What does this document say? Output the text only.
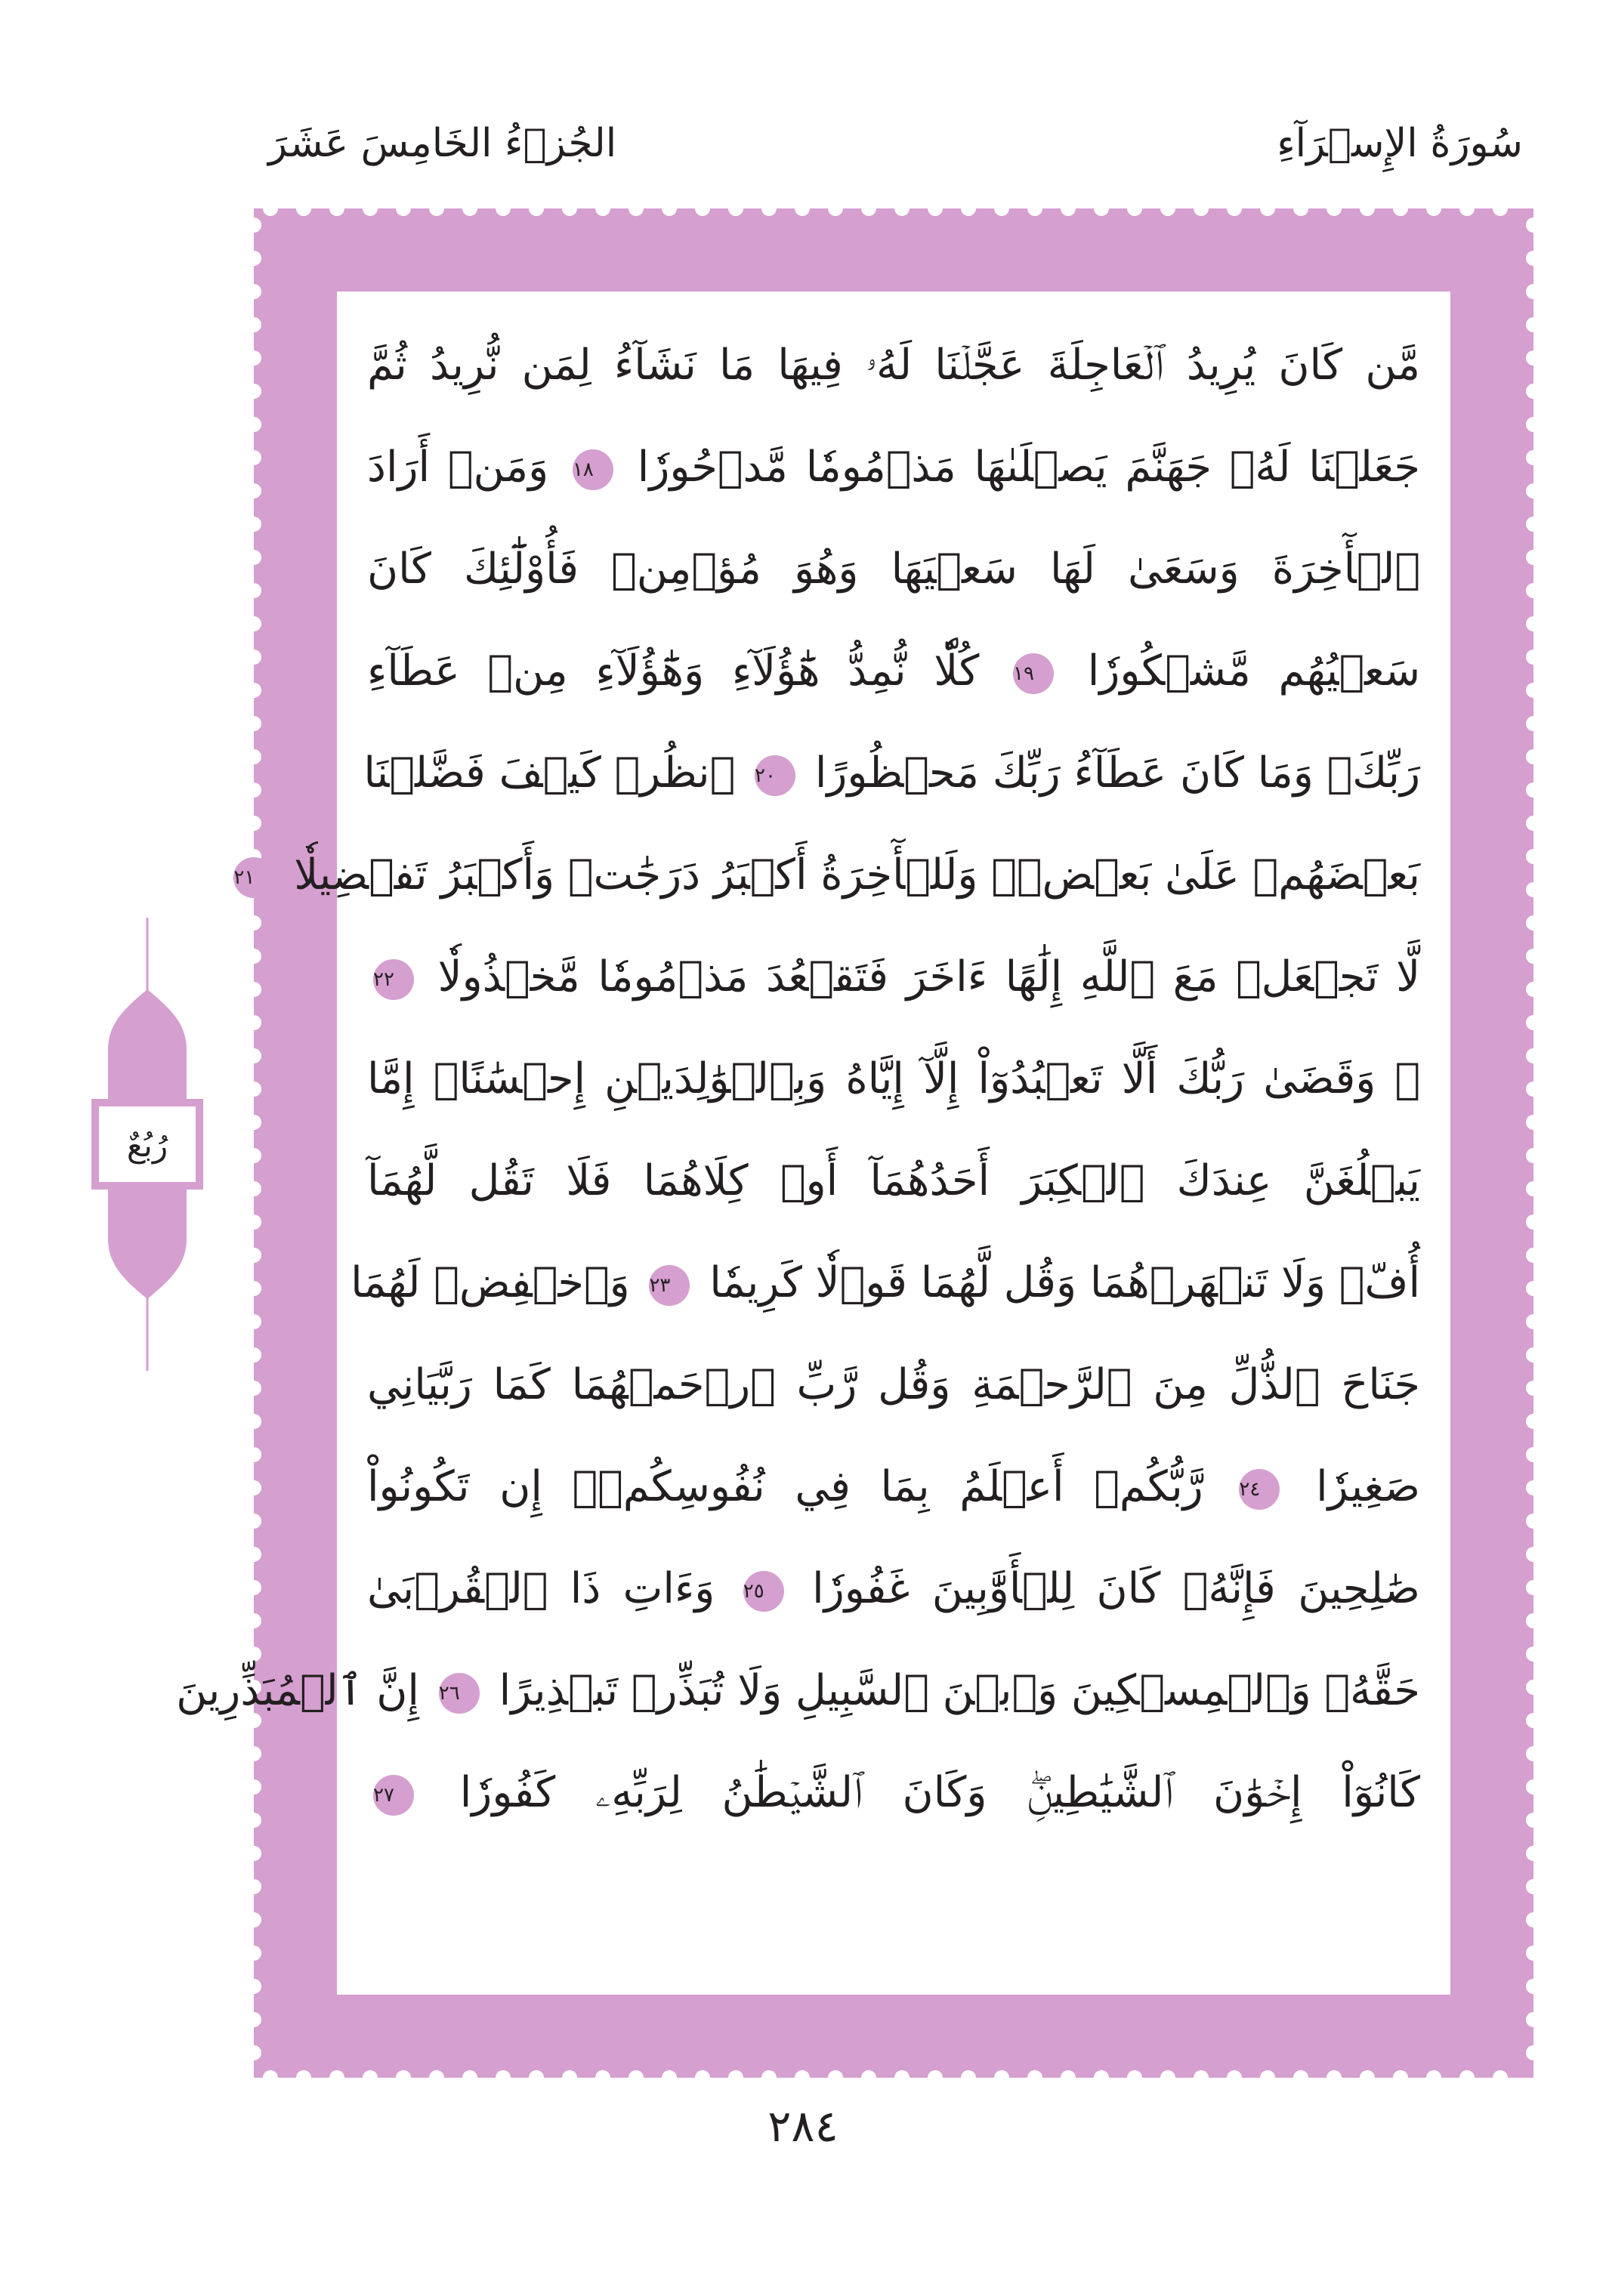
سُورَةُ الإِسۡرَآءِ
الجُزۡءُ الخَامِسَ عَشَرَ
مَّن كَانَ يُرِيدُ ٱلۡعَاجِلَةَ عَجَّلۡنَا لَهُۥ فِيهَا مَا نَشَآءُ لِمَن نُّرِيدُ ثُمَّ
جَعَلۡنَا لَهُۥ جَهَنَّمَ يَصۡلَىٰهَا مَذۡمُومٗا مَّدۡحُورٗا ١٨ وَمَنۡ أَرَادَ
ٱلۡأٓخِرَةَ وَسَعَىٰ لَهَا سَعۡيَهَا وَهُوَ مُؤۡمِنٞ فَأُوْلَٰٓئِكَ كَانَ
سَعۡيُهُم مَّشۡكُورٗا ١٩ كُلّٗا نُّمِدُّ هَٰٓؤُلَآءِ وَهَٰٓؤُلَآءِ مِنۡ عَطَآءِ
رَبِّكَۚ وَمَا كَانَ عَطَآءُ رَبِّكَ مَحۡظُورًا ٢٠ ٱنظُرۡ كَيۡفَ فَضَّلۡنَا
بَعۡضَهُمۡ عَلَىٰ بَعۡضٖۚ وَلَلۡأٓخِرَةُ أَكۡبَرُ دَرَجَٰتٖ وَأَكۡبَرُ تَفۡضِيلٗا ٢١
لَّا تَجۡعَلۡ مَعَ ٱللَّهِ إِلَٰهًا ءَاخَرَ فَتَقۡعُدَ مَذۡمُومٗا مَّخۡذُولٗا ٢٢
۞ وَقَضَىٰ رَبُّكَ أَلَّا تَعۡبُدُوٓاْ إِلَّآ إِيَّاهُ وَبِٱلۡوَٰلِدَيۡنِ إِحۡسَٰنًاۚ إِمَّا
يَبۡلُغَنَّ عِندَكَ ٱلۡكِبَرَ أَحَدُهُمَآ أَوۡ كِلَاهُمَا فَلَا تَقُل لَّهُمَآ
أُفّٖ وَلَا تَنۡهَرۡهُمَا وَقُل لَّهُمَا قَوۡلٗا كَرِيمٗا ٢٣ وَٱخۡفِضۡ لَهُمَا
جَنَاحَ ٱلذُّلِّ مِنَ ٱلرَّحۡمَةِ وَقُل رَّبِّ ٱرۡحَمۡهُمَا كَمَا رَبَّيَانِي
صَغِيرٗا ٢٤ رَّبُّكُمۡ أَعۡلَمُ بِمَا فِي نُفُوسِكُمۡۚ إِن تَكُونُواْ
صَٰلِحِينَ فَإِنَّهُۥ كَانَ لِلۡأَوَّٰبِينَ غَفُورٗا ٢٥ وَءَاتِ ذَا ٱلۡقُرۡبَىٰ
حَقَّهُۥ وَٱلۡمِسۡكِينَ وَٱبۡنَ ٱلسَّبِيلِ وَلَا تُبَذِّرۡ تَبۡذِيرًا ٢٦ إِنَّ ٱلۡمُبَذِّرِينَ
كَانُوٓاْ إِخۡوَٰنَ ٱلشَّيَٰطِينِۖ وَكَانَ ٱلشَّيۡطَٰنُ لِرَبِّهِۦ كَفُورٗا ٢٧
رُبُعٌ
٢٨٤
